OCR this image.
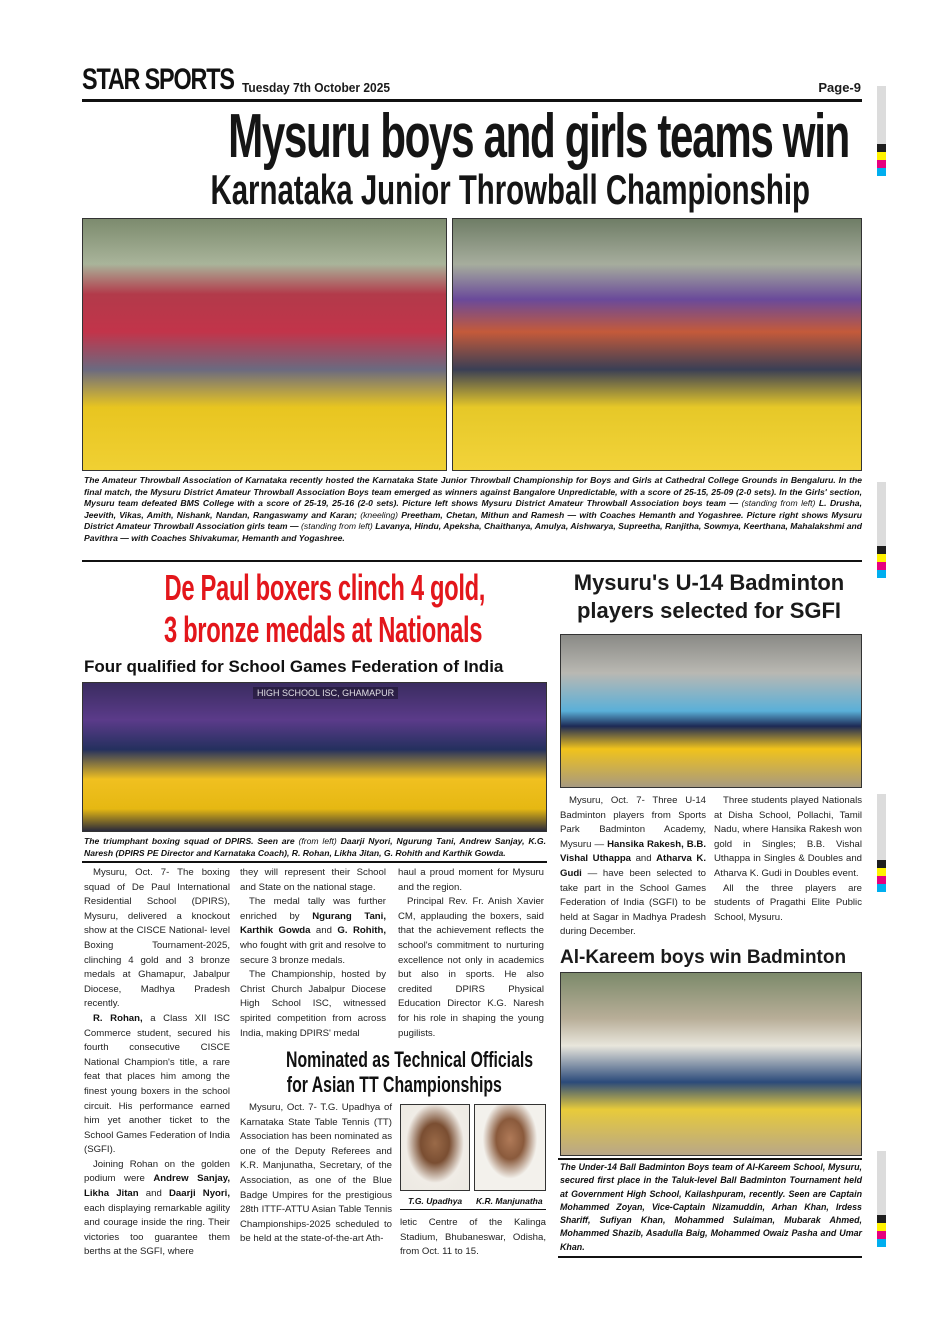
STAR SPORTS Tuesday 7th October 2025	Page-9
Mysuru boys and girls teams win
Karnataka Junior Throwball Championship
The Amateur Throwball Association of Karnataka recently hosted the Karnataka State Junior Throwball Championship for Boys and Girls at Cathedral College Grounds in Bengaluru. In the final match, the Mysuru District Amateur Throwball Association Boys team emerged as winners against Bangalore Unpredictable, with a score of 25-15, 25-09 (2-0 sets). In the Girls' section, Mysuru team defeated BMS College with a score of 25-19, 25-16 (2-0 sets). Picture left shows Mysuru District Amateur Throwball Association boys team — (standing from left) L. Drusha, Jeevith, Vikas, Amith, Nishank, Nandan, Rangaswamy and Karan; (kneeling) Preetham, Chetan, Mithun and Ramesh — with Coaches Hemanth and Yogashree. Picture right shows Mysuru District Amateur Throwball Association girls team — (standing from left) Lavanya, Hindu, Apeksha, Chaithanya, Amulya, Aishwarya, Supreetha, Ranjitha, Sowmya, Keerthana, Mahalakshmi and Pavithra — with Coaches Shivakumar, Hemanth and Yogashree.
De Paul boxers clinch 4 gold,
3 bronze medals at Nationals
Four qualified for School Games Federation of India
HIGH SCHOOL ISC, GHAMAPUR
The triumphant boxing squad of DPIRS. Seen are (from left) Daarji Nyori, Ngurung Tani, Andrew Sanjay, K.G. Naresh (DPIRS PE Director and Karnataka Coach), R. Rohan, Likha Jitan, G. Rohith and Karthik Gowda.

Mysuru, Oct. 7- The boxing squad of De Paul International Residential School (DPIRS), Mysuru, delivered a knockout show at the CISCE National- level Boxing Tournament-2025, clinching 4 gold and 3 bronze medals at Ghamapur, Jabalpur Diocese, Madhya Pradesh recently.

R. Rohan, a Class XII ISC Commerce student, secured his fourth consecutive CISCE National Champion's title, a rare feat that places him among the finest young boxers in the school circuit. His performance earned him yet another ticket to the School Games Federation of India (SGFI).

Joining Rohan on the golden podium were Andrew Sanjay, Likha Jitan and Daarji Nyori, each displaying remarkable agility and courage inside the ring. Their victories too guarantee them berths at the SGFI, where

they will represent their School and State on the national stage.

The medal tally was further enriched by Ngurang Tani, Karthik Gowda and G. Rohith, who fought with grit and resolve to secure 3 bronze medals.

The Championship, hosted by Christ Church Jabalpur Diocese High School ISC, witnessed spirited competition from across India, making DPIRS' medal

haul a proud moment for Mysuru and the region.

Principal Rev. Fr. Anish Xavier CM, applauding the boxers, said that the achievement reflects the school's commitment to nurturing excellence not only in academics but also in sports. He also credited DPIRS Physical Education Director K.G. Naresh for his role in shaping the young pugilists.

Nominated as Technical Officials
for Asian TT Championships

Mysuru, Oct. 7- T.G. Upadhya of Karnataka State Table Tennis (TT) Association has been nominated as one of the Deputy Referees and K.R. Manjunatha, Secretary, of the Association, as one of the Blue Badge Umpires for the prestigious 28th ITTF-ATTU Asian Table Tennis Championships-2025 scheduled to be held at the state-of-the-art Ath-

T.G. Upadhya K.R. Manjunatha

letic Centre of the Kalinga Stadium, Bhubaneswar, Odisha, from Oct. 11 to 15.

Mysuru's U-14 Badminton
players selected for SGFI

Mysuru, Oct. 7- Three U-14 Badminton players from Sports Park Badminton Academy, Mysuru — Hansika Rakesh, B.B. Vishal Uthappa and Atharva K. Gudi — have been selected to take part in the School Games Federation of India (SGFI) to be held at Sagar in Madhya Pradesh during December.

Three students played Nationals at Disha School, Pollachi, Tamil Nadu, where Hansika Rakesh won gold in Singles; B.B. Vishal Uthappa in Singles & Doubles and Atharva K. Gudi in Doubles event.

All the three players are students of Pragathi Elite Public School, Mysuru.

Al-Kareem boys win Badminton
The Under-14 Ball Badminton Boys team of Al-Kareem School, Mysuru, secured first place in the Taluk-level Ball Badminton Tournament held at Government High School, Kailashpuram, recently. Seen are Captain Mohammed Zoyan, Vice-Captain Nizamuddin, Arhan Khan, Irdess Shariff, Sufiyan Khan, Mohammed Sulaiman, Mubarak Ahmed, Mohammed Shazib, Asadulla Baig, Mohammed Owaiz Pasha and Umar Khan.
